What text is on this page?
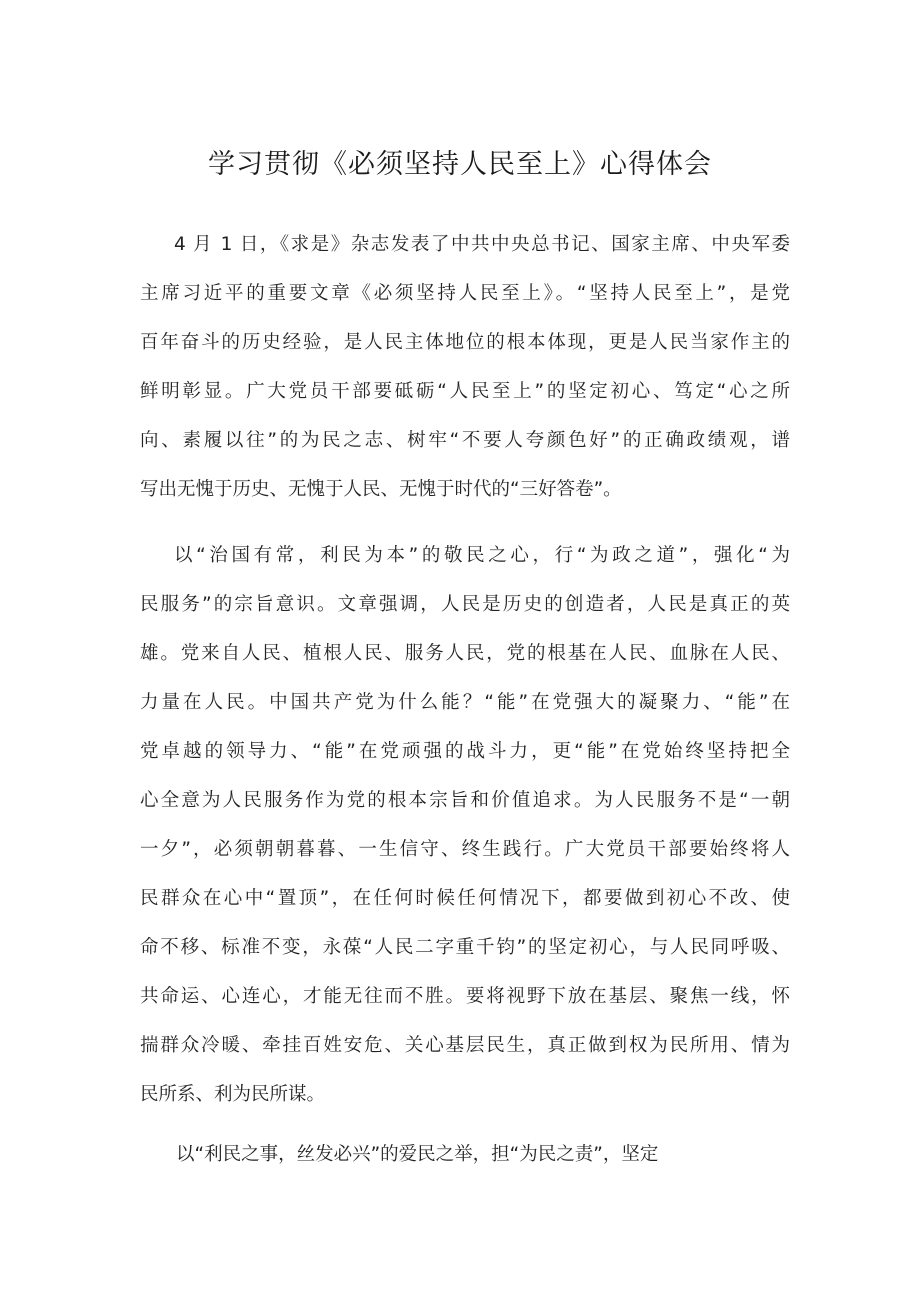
学习贯彻《必须坚持人民至上》心得体会
4 月 1 日，《求是》杂志发表了中共中央总书记、国家主席、中央军委
主席习近平的重要文章《必须坚持人民至上》。“坚持人民至上”，是党
百年奋斗的历史经验，是人民主体地位的根本体现，更是人民当家作主的
鲜明彰显。广大党员干部要砥砺“人民至上”的坚定初心、笃定“心之所
向、素履以往”的为民之志、树牢“不要人夸颜色好”的正确政绩观，谱
写出无愧于历史、无愧于人民、无愧于时代的“三好答卷”。
以“治国有常，利民为本”的敬民之心，行“为政之道”，强化“为
民服务”的宗旨意识。文章强调，人民是历史的创造者，人民是真正的英
雄。党来自人民、植根人民、服务人民，党的根基在人民、血脉在人民、
力量在人民。中国共产党为什么能？“能”在党强大的凝聚力、“能”在
党卓越的领导力、“能”在党顽强的战斗力，更“能”在党始终坚持把全
心全意为人民服务作为党的根本宗旨和价值追求。为人民服务不是“一朝
一夕”，必须朝朝暮暮、一生信守、终生践行。广大党员干部要始终将人
民群众在心中“置顶”，在任何时候任何情况下，都要做到初心不改、使
命不移、标准不变，永葆“人民二字重千钧”的坚定初心，与人民同呼吸、
共命运、心连心，才能无往而不胜。要将视野下放在基层、聚焦一线，怀
揣群众冷暖、牵挂百姓安危、关心基层民生，真正做到权为民所用、情为
民所系、利为民所谋。
以“利民之事，丝发必兴”的爱民之举，担“为民之责”，坚定
